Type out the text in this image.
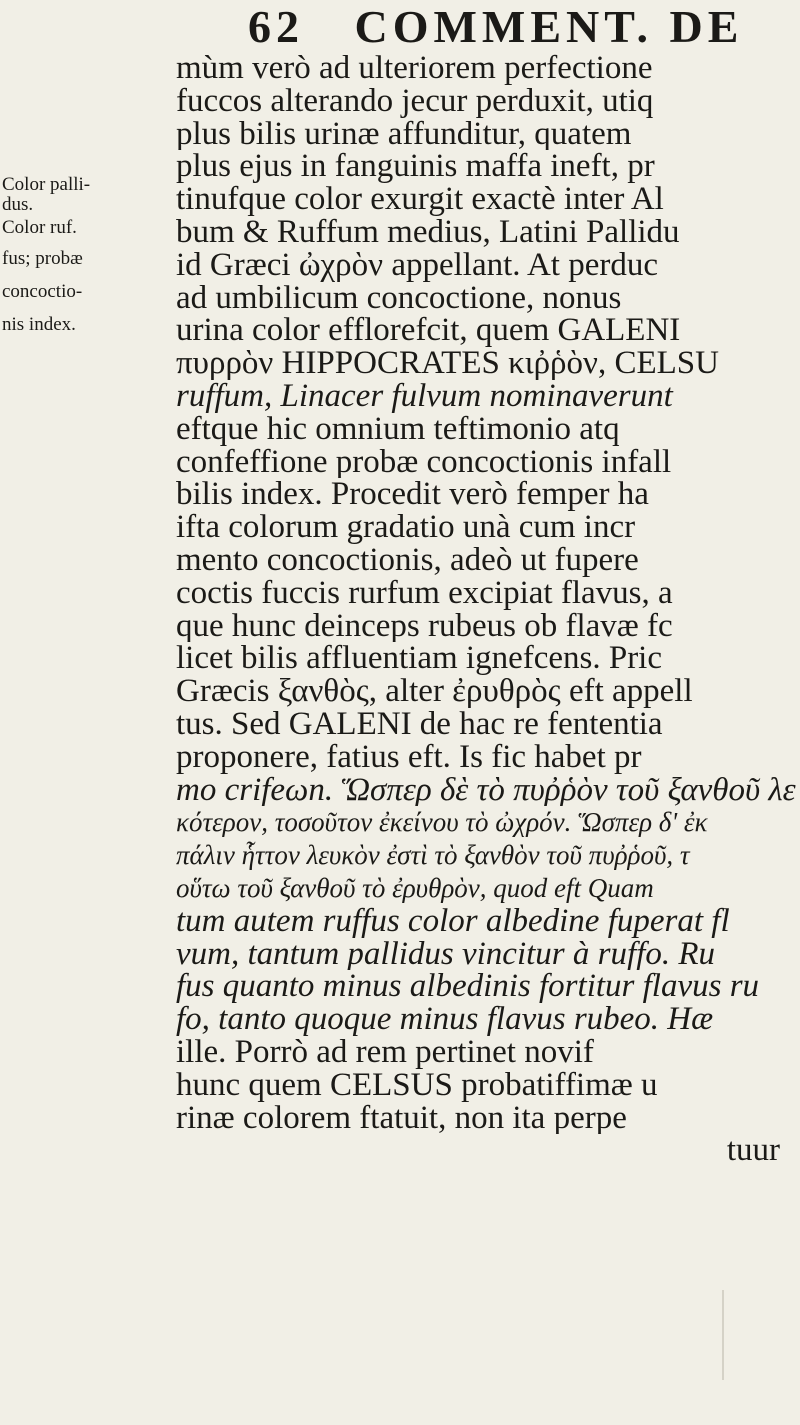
62 COMMENT. DE
Color palli-
dus.
Color ruf.
fus; probæ
concoctio-
nis index.
mùm verò ad ulteriorem perfectione
fuccos alterando jecur perduxit, utiq
plus bilis urinæ affunditur, quatem
plus ejus in fanguinis maffa ineft, pr
tinufque color exurgit exactè inter Al
bum & Ruffum medius, Latini Pallidu
id Græci ὠχρὸν appellant. At perduc
ad umbilicum concoctione, nonus
urina color efflorefcit, quem GALENI
πυρρὸν HIPPOCRATES κιῤῥὸν, CELSU
ruffum, Linacer fulvum nominaverunt
eftque hic omnium teftimonio atq
confeffione probæ concoctionis infall
bilis index. Procedit verò femper ha
ifta colorum gradatio unà cum incr
mento concoctionis, adeò ut fupere
coctis fuccis rurfum excipiat flavus, a
que hunc deinceps rubeus ob flavæ fc
licet bilis affluentiam ignefcens. Pric
Græcis ξανθὸς, alter ἐρυθρὸς eft appell
tus. Sed GALENI de hac re fententia
proponere, fatius eft. Is fic habet pr
mo crifeωn. Ὥσπερ δὲ τὸ πυῤῥὸν τοῦ ξανθοῦ λε
κότερον, τοσοῦτον ἐκείνου τὸ ὠχρόν. Ὥσπερ δ' ἐκ
πάλιν ἧττον λευκὸν ἐστὶ τὸ ξανθὸν τοῦ πυῤῥοῦ, τ
οὕτω τοῦ ξανθοῦ τὸ ἐρυθρὸν, quod eft Quam
tum autem ruffus color albedine fuperat fl
vum, tantum pallidus vincitur à ruffo. Ru
fus quanto minus albedinis fortitur flavus ru
fo, tanto quoque minus flavus rubeo. Hæ
ille. Porrò ad rem pertinet novif
hunc quem CELSUS probatiffimæ u
rinæ colorem ftatuit, non ita perpe
tuur
